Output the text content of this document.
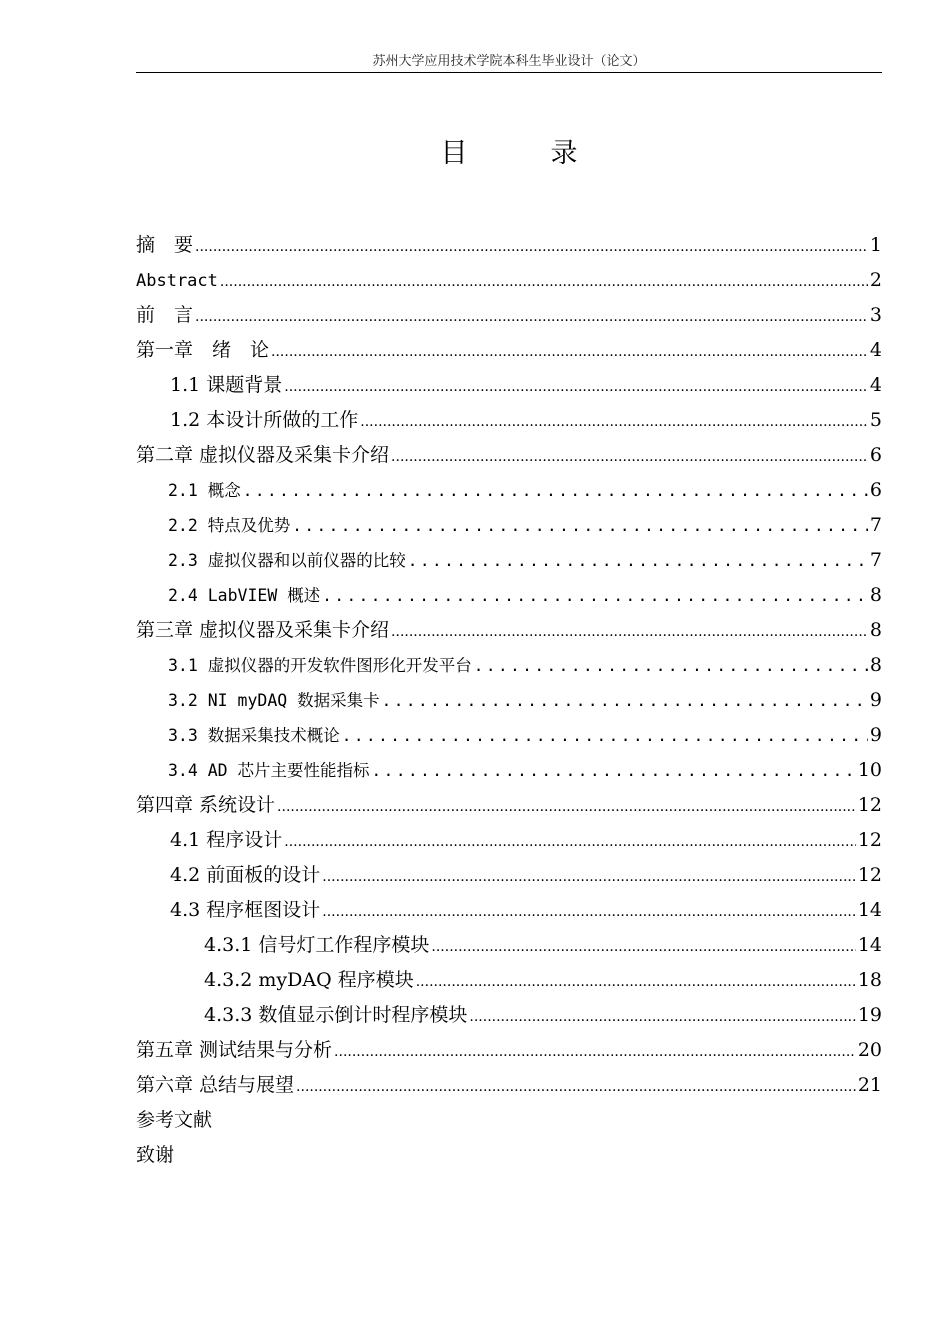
苏州大学应用技术学院本科生毕业设计（论文）
目　录
摘　要 .....	1
Abstract .....	2
前　言 .....	3
第一章　绪　论 .....	4
1.1 课题背景 .....	4
1.2 本设计所做的工作 .....	5
第二章 虚拟仪器及采集卡介绍 .....	6
2.1 概念 .....	6
2.2 特点及优势 .....	7
2.3 虚拟仪器和以前仪器的比较 .....	7
2.4 LabVIEW 概述 .....	8
第三章 虚拟仪器及采集卡介绍 .....	8
3.1 虚拟仪器的开发软件图形化开发平台 .....	8
3.2 NI myDAQ 数据采集卡 .....	9
3.3 数据采集技术概论 .....	9
3.4 AD 芯片主要性能指标 .....	10
第四章 系统设计 .....	12
4.1 程序设计 .....	12
4.2 前面板的设计 .....	12
4.3 程序框图设计 .....	14
4.3.1 信号灯工作程序模块 .....	14
4.3.2 myDAQ 程序模块 .....	18
4.3.3 数值显示倒计时程序模块 .....	19
第五章 测试结果与分析 .....	20
第六章 总结与展望 .....	21
参考文献
致谢
